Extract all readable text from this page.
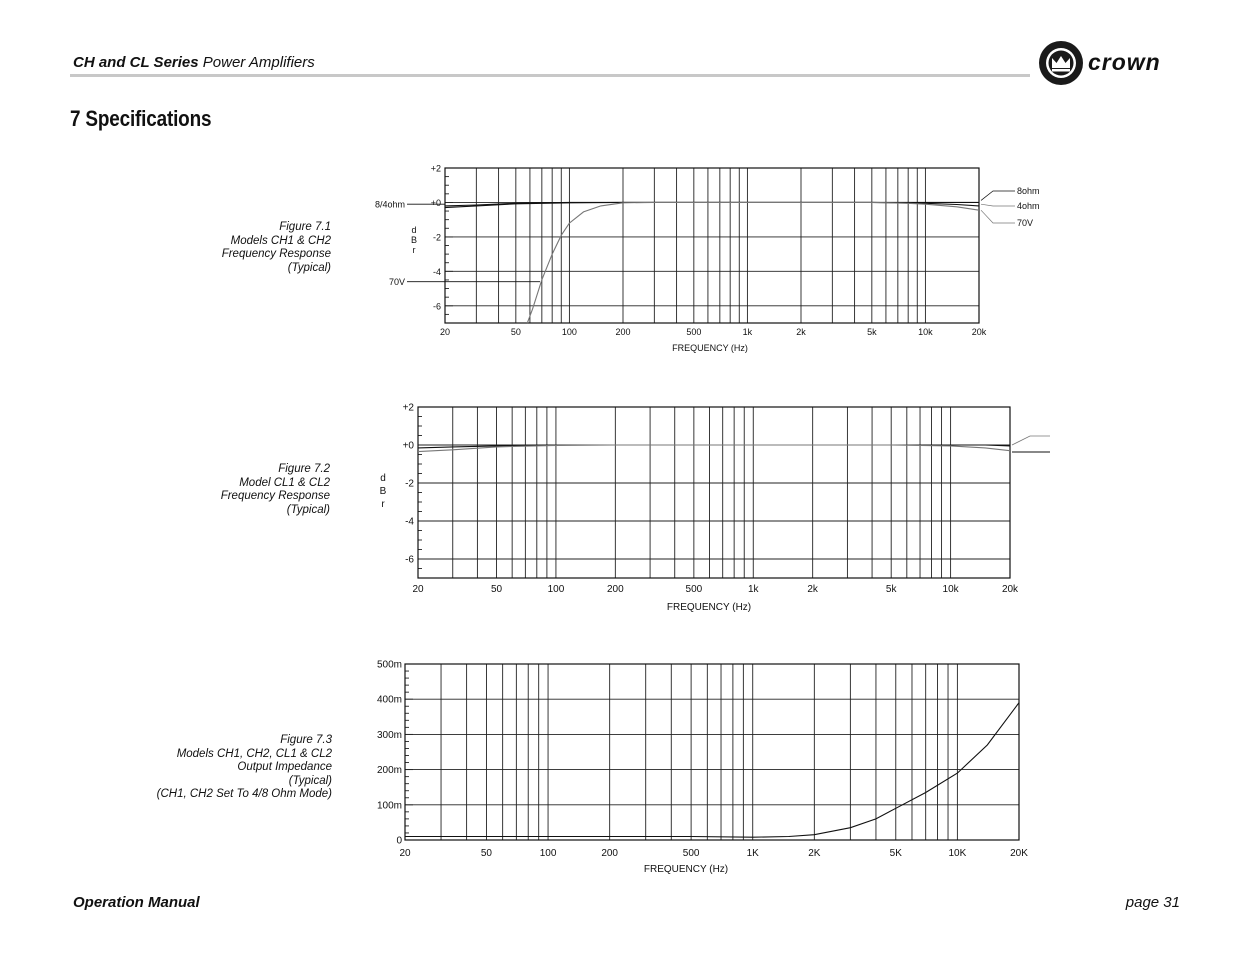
CH and CL Series Power Amplifiers	crown
7 Specifications
Figure 7.1
Models CH1 & CH2
Frequency Response
(Typical)
Figure 7.2
Model CL1 & CL2
Frequency Response
(Typical)
Figure 7.3
Models CH1, CH2, CL1 & CL2
Output Impedance
(Typical)
(CH1, CH2 Set To 4/8 Ohm Mode)
20	50	100	200	500	1k	2k	5k	10k	20k
+2
+0
-2
-4
-6
FREQUENCY (Hz)
d B r
8/4ohm
70V
8ohm
4ohm
70V
20	50	100	200	500	1k	2k	5k	10k	20k
+2
+0
-2
-4
-6
FREQUENCY (Hz)
d B r
20	50	100	200	500	1K	2K	5K	10K	20K
0
100m
200m
300m
400m
500m
FREQUENCY (Hz)
Operation Manual	page 31
